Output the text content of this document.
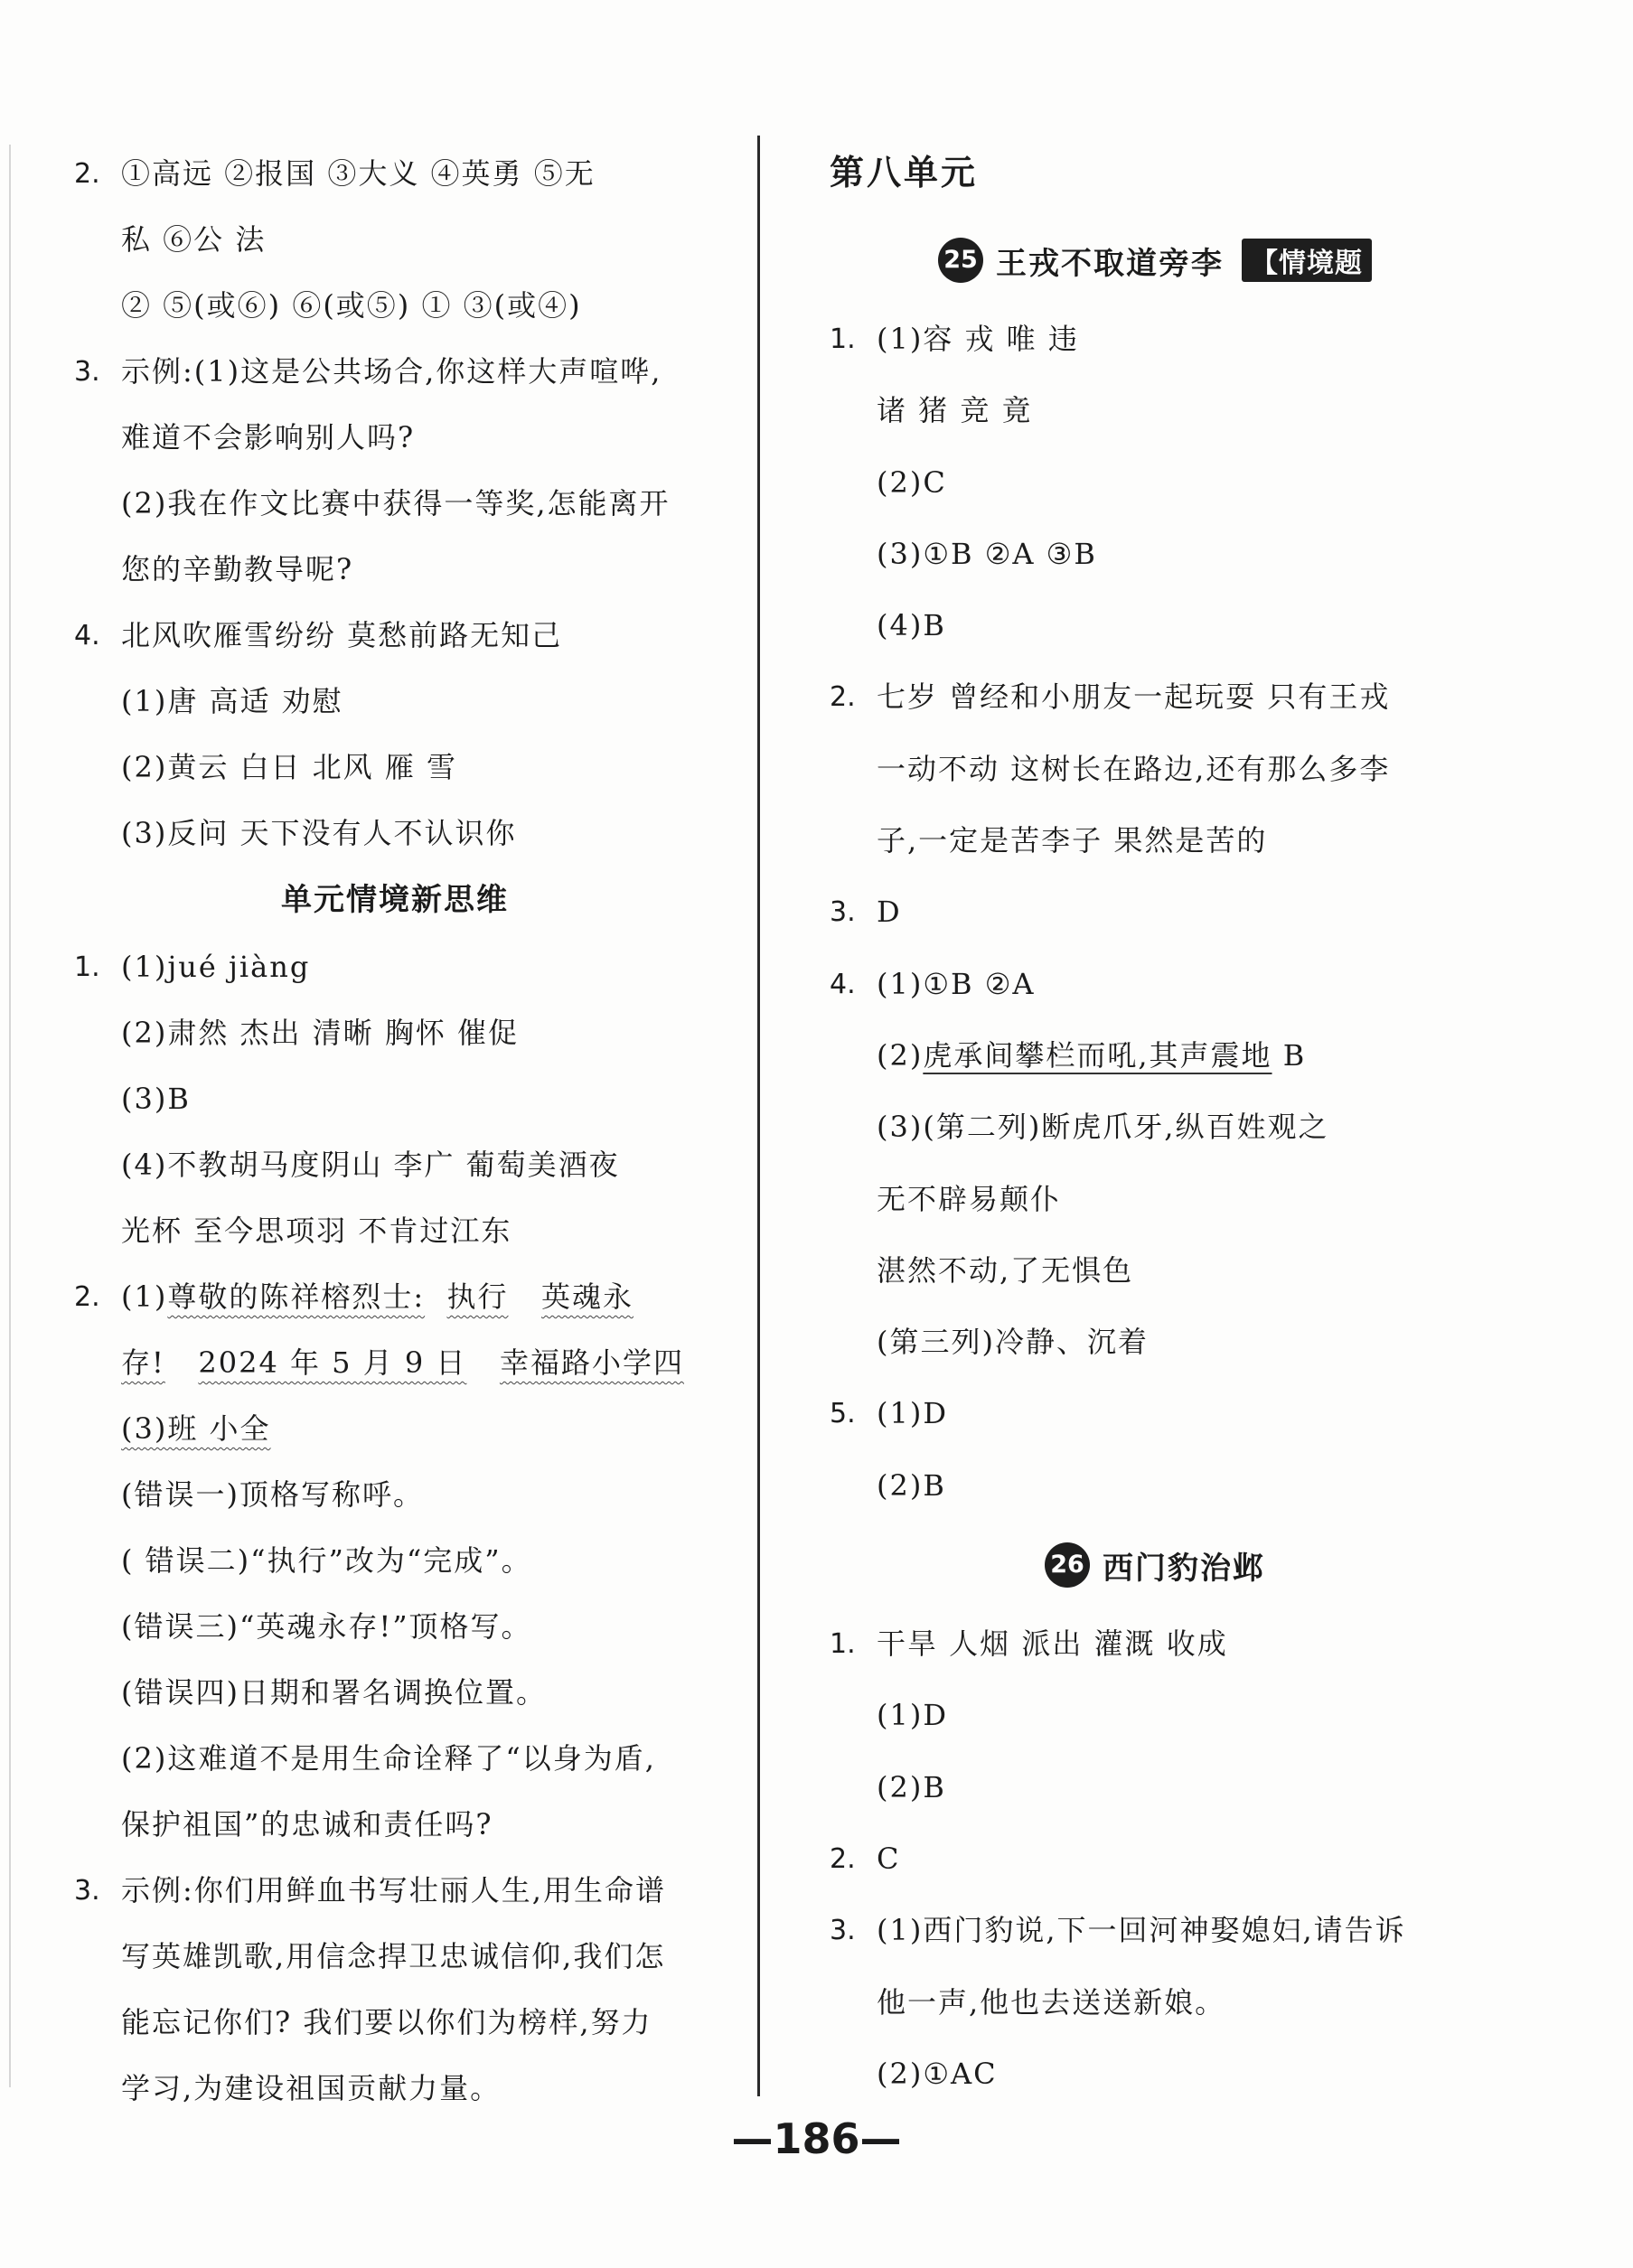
2. ①高远 ②报国 ③大义 ④英勇 ⑤无
私 ⑥公 法
② ⑤(或⑥) ⑥(或⑤) ① ③(或④)
3. 示例:(1)这是公共场合,你这样大声喧哗,
难道不会影响别人吗?
(2)我在作文比赛中获得一等奖,怎能离开
您的辛勤教导呢?
4. 北风吹雁雪纷纷 莫愁前路无知己
(1)唐 高适 劝慰
(2)黄云 白日 北风 雁 雪
(3)反问 天下没有人不认识你
单元情境新思维
1. (1)jué jiàng
(2)肃然 杰出 清晰 胸怀 催促
(3)B
(4)不教胡马度阴山 李广 葡萄美酒夜
光杯 至今思项羽 不肯过江东
2. (1)尊敬的陈祥榕烈士: 执行 英魂永
存! 2024 年 5 月 9 日 幸福路小学四
(3)班 小全
(错误一)顶格写称呼。
( 错误二)“执行”改为“完成”。
(错误三)“英魂永存!”顶格写。
(错误四)日期和署名调换位置。
(2)这难道不是用生命诠释了“以身为盾,
保护祖国”的忠诚和责任吗?
3. 示例:你们用鲜血书写壮丽人生,用生命谱
写英雄凯歌,用信念捍卫忠诚信仰,我们怎
能忘记你们? 我们要以你们为榜样,努力
学习,为建设祖国贡献力量。
第八单元
25 王戎不取道旁李	【情境题
1. (1)容 戎 唯 违
诸 猪 竞 竟
(2)C
(3)①B ②A ③B
(4)B
2. 七岁 曾经和小朋友一起玩耍 只有王戎
一动不动 这树长在路边,还有那么多李
子,一定是苦李子 果然是苦的
3. D
4. (1)①B ②A
(2)虎承间攀栏而吼,其声震地 B
(3)(第二列)断虎爪牙,纵百姓观之
无不辟易颠仆
湛然不动,了无惧色
(第三列)冷静、沉着
5. (1)D
(2)B
26 西门豹治邺
1. 干旱 人烟 派出 灌溉 收成
(1)D
(2)B
2. C
3. (1)西门豹说,下一回河神娶媳妇,请告诉
他一声,他也去送送新娘。
(2)①AC
—186—
